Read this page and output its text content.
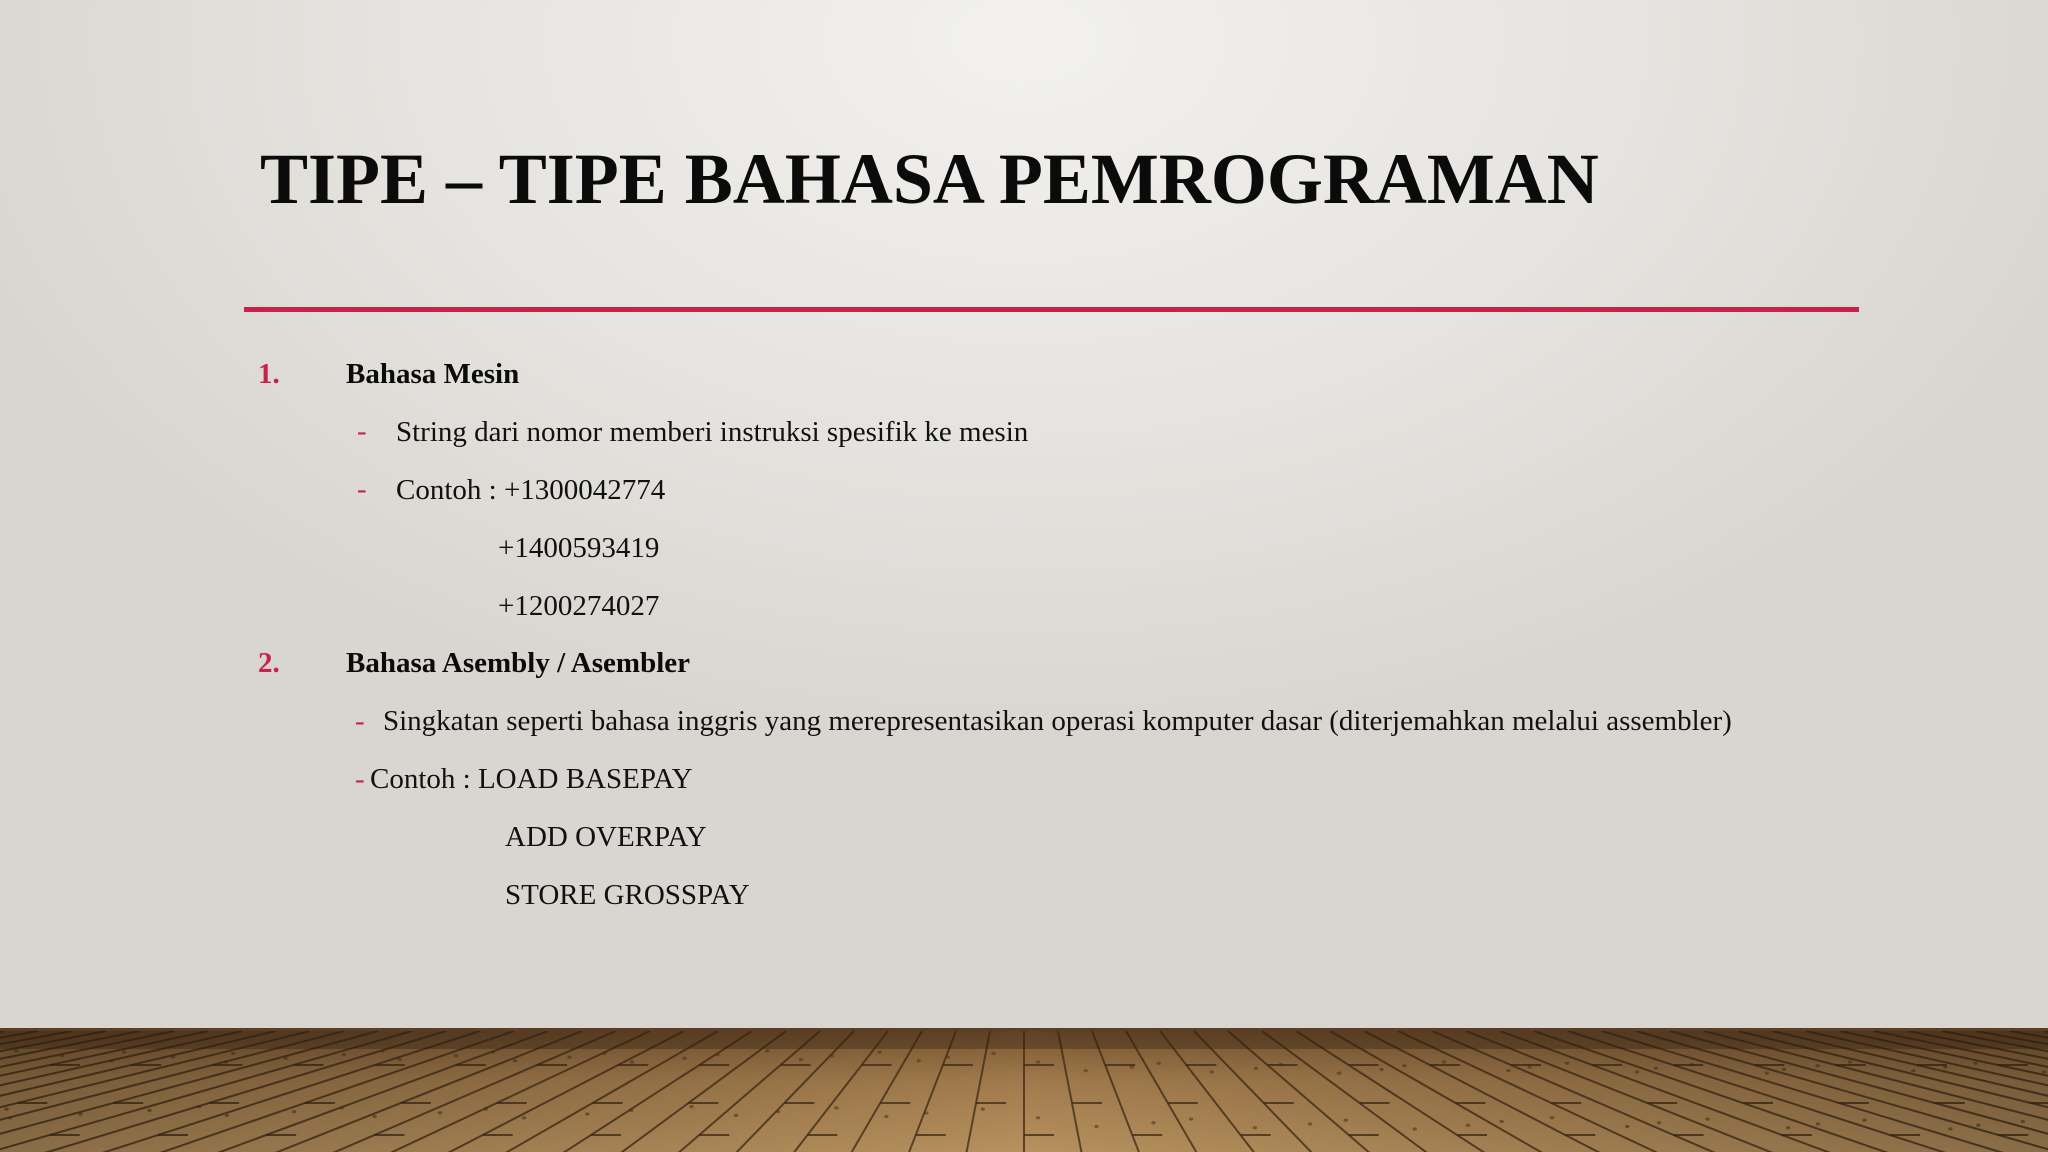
TIPE – TIPE BAHASA PEMROGRAMAN
1. Bahasa Mesin
- String dari nomor memberi instruksi spesifik ke mesin
- Contoh : +1300042774
+1400593419
+1200274027
2. Bahasa Asembly / Asembler
- Singkatan seperti bahasa inggris yang merepresentasikan operasi komputer dasar (diterjemahkan melalui assembler)
- Contoh : LOAD BASEPAY
ADD OVERPAY
STORE GROSSPAY
